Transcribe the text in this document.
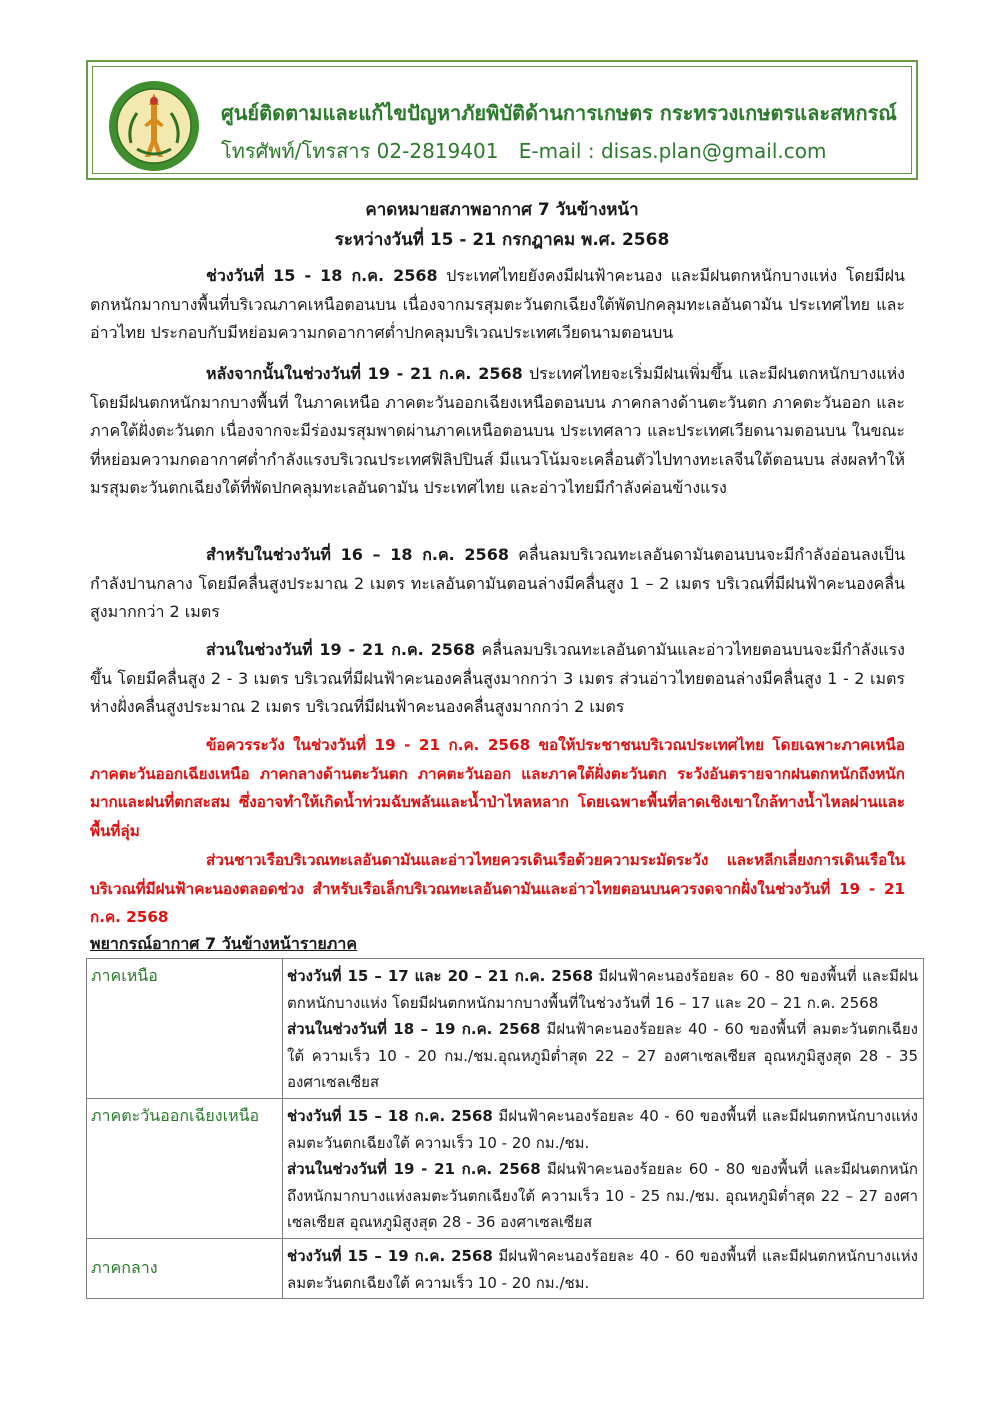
ศูนย์ติดตามและแก้ไขปัญหาภัยพิบัติด้านการเกษตร กระทรวงเกษตรและสหกรณ์
โทรศัพท์/โทรสาร 02-2819401 E-mail : disas.plan@gmail.com
คาดหมายสภาพอากาศ 7 วันข้างหน้า
ระหว่างวันที่ 15 - 21 กรกฎาคม พ.ศ. 2568

ช่วงวันที่ 15 - 18 ก.ค. 2568 ประเทศไทยยังคงมีฝนฟ้าคะนอง และมีฝนตกหนักบางแห่ง โดยมีฝนตกหนักมากบางพื้นที่บริเวณภาคเหนือตอนบน เนื่องจากมรสุมตะวันตกเฉียงใต้พัดปกคลุมทะเลอันดามัน ประเทศไทย และอ่าวไทย ประกอบกับมีหย่อมความกดอากาศต่ำปกคลุมบริเวณประเทศเวียดนามตอนบน

หลังจากนั้นในช่วงวันที่ 19 - 21 ก.ค. 2568 ประเทศไทยจะเริ่มมีฝนเพิ่มขึ้น และมีฝนตกหนักบางแห่ง โดยมีฝนตกหนักมากบางพื้นที่ ในภาคเหนือ ภาคตะวันออกเฉียงเหนือตอนบน ภาคกลางด้านตะวันตก ภาคตะวันออก และภาคใต้ฝั่งตะวันตก เนื่องจากจะมีร่องมรสุมพาดผ่านภาคเหนือตอนบน ประเทศลาว และประเทศเวียดนามตอนบน ในขณะที่หย่อมความกดอากาศต่ำกำลังแรงบริเวณประเทศฟิลิปปินส์ มีแนวโน้มจะเคลื่อนตัวไปทางทะเลจีนใต้ตอนบน ส่งผลทำให้มรสุมตะวันตกเฉียงใต้ที่พัดปกคลุมทะเลอันดามัน ประเทศไทย และอ่าวไทยมีกำลังค่อนข้างแรง

สำหรับในช่วงวันที่ 16 – 18 ก.ค. 2568 คลื่นลมบริเวณทะเลอันดามันตอนบนจะมีกำลังอ่อนลงเป็นกำลังปานกลาง โดยมีคลื่นสูงประมาณ 2 เมตร ทะเลอันดามันตอนล่างมีคลื่นสูง 1 – 2 เมตร บริเวณที่มีฝนฟ้าคะนองคลื่นสูงมากกว่า 2 เมตร

ส่วนในช่วงวันที่ 19 - 21 ก.ค. 2568 คลื่นลมบริเวณทะเลอันดามันและอ่าวไทยตอนบนจะมีกำลังแรงขึ้น โดยมีคลื่นสูง 2 - 3 เมตร บริเวณที่มีฝนฟ้าคะนองคลื่นสูงมากกว่า 3 เมตร ส่วนอ่าวไทยตอนล่างมีคลื่นสูง 1 - 2 เมตร ห่างฝั่งคลื่นสูงประมาณ 2 เมตร บริเวณที่มีฝนฟ้าคะนองคลื่นสูงมากกว่า 2 เมตร

ข้อควรระวัง ในช่วงวันที่ 19 - 21 ก.ค. 2568 ขอให้ประชาชนบริเวณประเทศไทย โดยเฉพาะภาคเหนือ ภาคตะวันออกเฉียงเหนือ ภาคกลางด้านตะวันตก ภาคตะวันออก และภาคใต้ฝั่งตะวันตก ระวังอันตรายจากฝนตกหนักถึงหนักมากและฝนที่ตกสะสม ซึ่งอาจทำให้เกิดน้ำท่วมฉับพลันและน้ำป่าไหลหลาก โดยเฉพาะพื้นที่ลาดเชิงเขาใกล้ทางน้ำไหลผ่านและพื้นที่ลุ่ม

ส่วนชาวเรือบริเวณทะเลอันดามันและอ่าวไทยควรเดินเรือด้วยความระมัดระวัง และหลีกเลี่ยงการเดินเรือในบริเวณที่มีฝนฟ้าคะนองตลอดช่วง สำหรับเรือเล็กบริเวณทะเลอันดามันและอ่าวไทยตอนบนควรงดจากฝั่งในช่วงวันที่ 19 - 21 ก.ค. 2568

พยากรณ์อากาศ 7 วันข้างหน้ารายภาค
ภาคเหนือ	ช่วงวันที่ 15 – 17 และ 20 – 21 ก.ค. 2568 มีฝนฟ้าคะนองร้อยละ 60 - 80 ของพื้นที่ และมีฝนตกหนักบางแห่ง โดยมีฝนตกหนักมากบางพื้นที่ในช่วงวันที่ 16 – 17 และ 20 – 21 ก.ค. 2568

ส่วนในช่วงวันที่ 18 – 19 ก.ค. 2568 มีฝนฟ้าคะนองร้อยละ 40 - 60 ของพื้นที่ ลมตะวันตกเฉียงใต้ ความเร็ว 10 - 20 กม./ชม.อุณหภูมิต่ำสุด 22 – 27 องศาเซลเซียส อุณหภูมิสูงสุด 28 - 35 องศาเซลเซียส

ภาคตะวันออกเฉียงเหนือ	ช่วงวันที่ 15 – 18 ก.ค. 2568 มีฝนฟ้าคะนองร้อยละ 40 - 60 ของพื้นที่ และมีฝนตกหนักบางแห่ง ลมตะวันตกเฉียงใต้ ความเร็ว 10 - 20 กม./ชม.

ส่วนในช่วงวันที่ 19 - 21 ก.ค. 2568 มีฝนฟ้าคะนองร้อยละ 60 - 80 ของพื้นที่ และมีฝนตกหนักถึงหนักมากบางแห่งลมตะวันตกเฉียงใต้ ความเร็ว 10 - 25 กม./ชม. อุณหภูมิต่ำสุด 22 – 27 องศาเซลเซียส อุณหภูมิสูงสุด 28 - 36 องศาเซลเซียส

ภาคกลาง	ช่วงวันที่ 15 – 19 ก.ค. 2568 มีฝนฟ้าคะนองร้อยละ 40 - 60 ของพื้นที่ และมีฝนตกหนักบางแห่งลมตะวันตกเฉียงใต้ ความเร็ว 10 - 20 กม./ชม.
